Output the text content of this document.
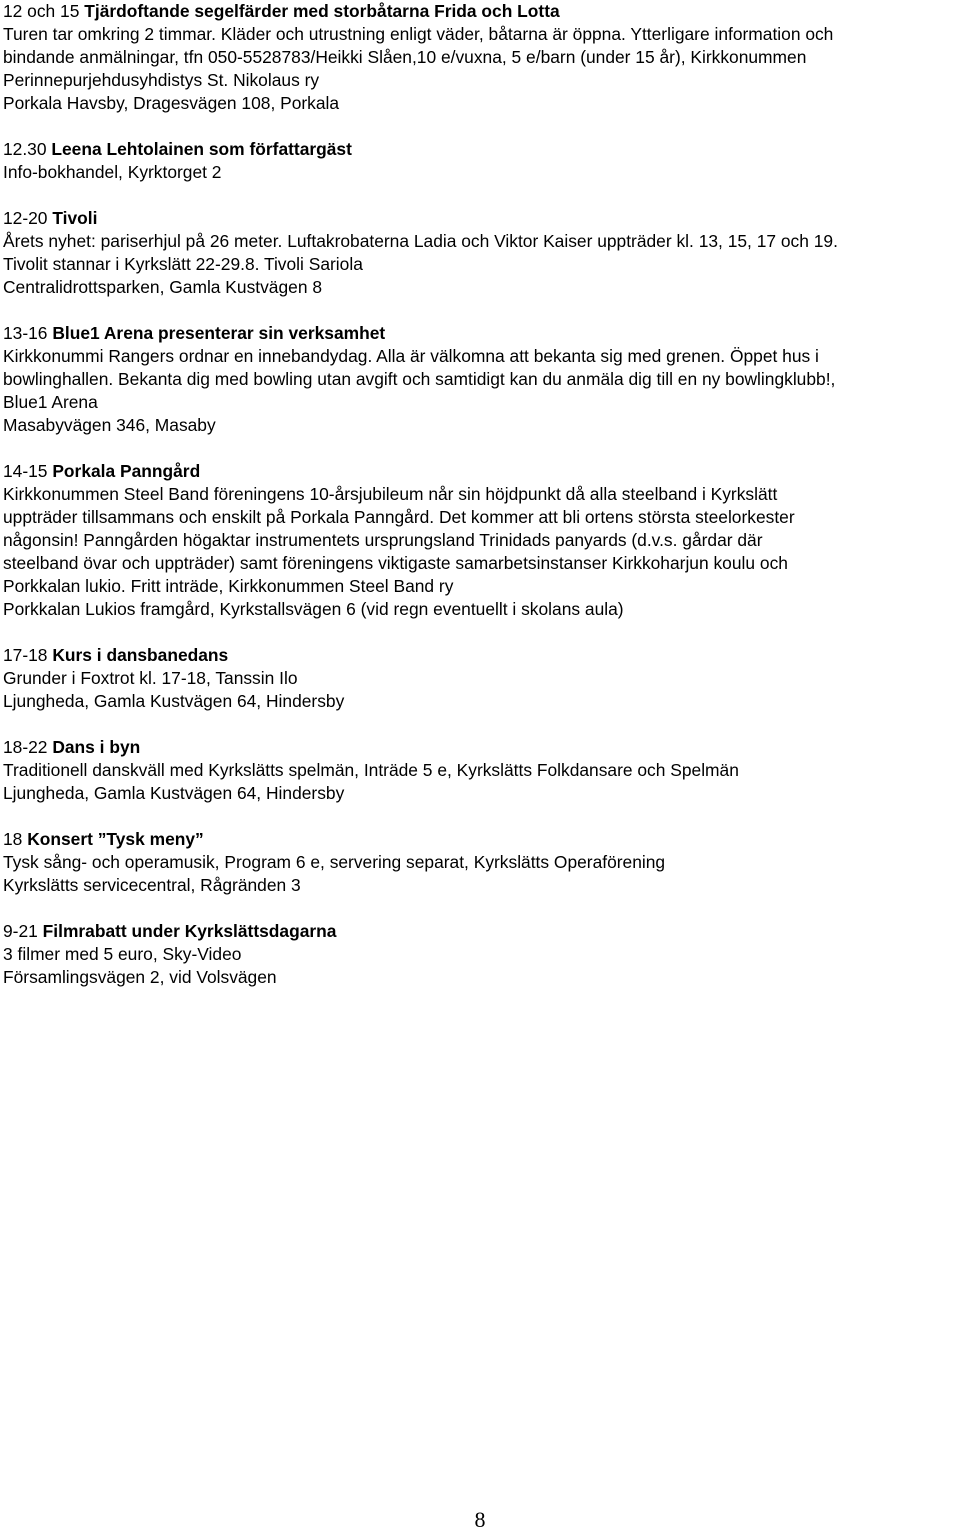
12 och 15 Tjärdoftande segelfärder med storbåtarna Frida och Lotta
Turen tar omkring 2 timmar. Kläder och utrustning enligt väder, båtarna är öppna. Ytterligare information och
bindande anmälningar, tfn 050-5528783/Heikki Slåen,10 e/vuxna, 5 e/barn (under 15 år), Kirkkonummen
Perinnepurjehdusyhdistys St. Nikolaus ry
Porkala Havsby, Dragesvägen 108, Porkala
12.30 Leena Lehtolainen som författargäst
Info-bokhandel, Kyrktorget 2
12-20 Tivoli
Årets nyhet: pariserhjul på 26 meter. Luftakrobaterna Ladia och Viktor Kaiser uppträder kl. 13, 15, 17 och 19.
Tivolit stannar i Kyrkslätt 22-29.8. Tivoli Sariola
Centralidrottsparken, Gamla Kustvägen 8
13-16 Blue1 Arena presenterar sin verksamhet
Kirkkonummi Rangers ordnar en innebandydag. Alla är välkomna att bekanta sig med grenen. Öppet hus i
bowlinghallen. Bekanta dig med bowling utan avgift och samtidigt kan du anmäla dig till en ny bowlingklubb!,
Blue1 Arena
Masabyvägen 346, Masaby
14-15 Porkala Panngård
Kirkkonummen Steel Band föreningens 10-årsjubileum når sin höjdpunkt då alla steelband i Kyrkslätt
uppträder tillsammans och enskilt på Porkala Panngård. Det kommer att bli ortens största steelorkester
någonsin! Panngården högaktar instrumentets ursprungsland Trinidads panyards (d.v.s. gårdar där
steelband övar och uppträder) samt föreningens viktigaste samarbetsinstanser Kirkkoharjun koulu och
Porkkalan lukio. Fritt inträde, Kirkkonummen Steel Band ry
Porkkalan Lukios framgård, Kyrkstallsvägen 6 (vid regn eventuellt i skolans aula)
17-18 Kurs i dansbanedans
Grunder i Foxtrot kl. 17-18, Tanssin Ilo
Ljungheda, Gamla Kustvägen 64, Hindersby
18-22 Dans i byn
Traditionell danskväll med Kyrkslätts spelmän, Inträde 5 e, Kyrkslätts Folkdansare och Spelmän
Ljungheda, Gamla Kustvägen 64, Hindersby
18 Konsert ”Tysk meny”
Tysk sång- och operamusik, Program 6 e, servering separat, Kyrkslätts Operaförening
Kyrkslätts servicecentral, Rågränden 3
9-21 Filmrabatt under Kyrkslättsdagarna
3 filmer med 5 euro, Sky-Video
Församlingsvägen 2, vid Volsvägen
8
